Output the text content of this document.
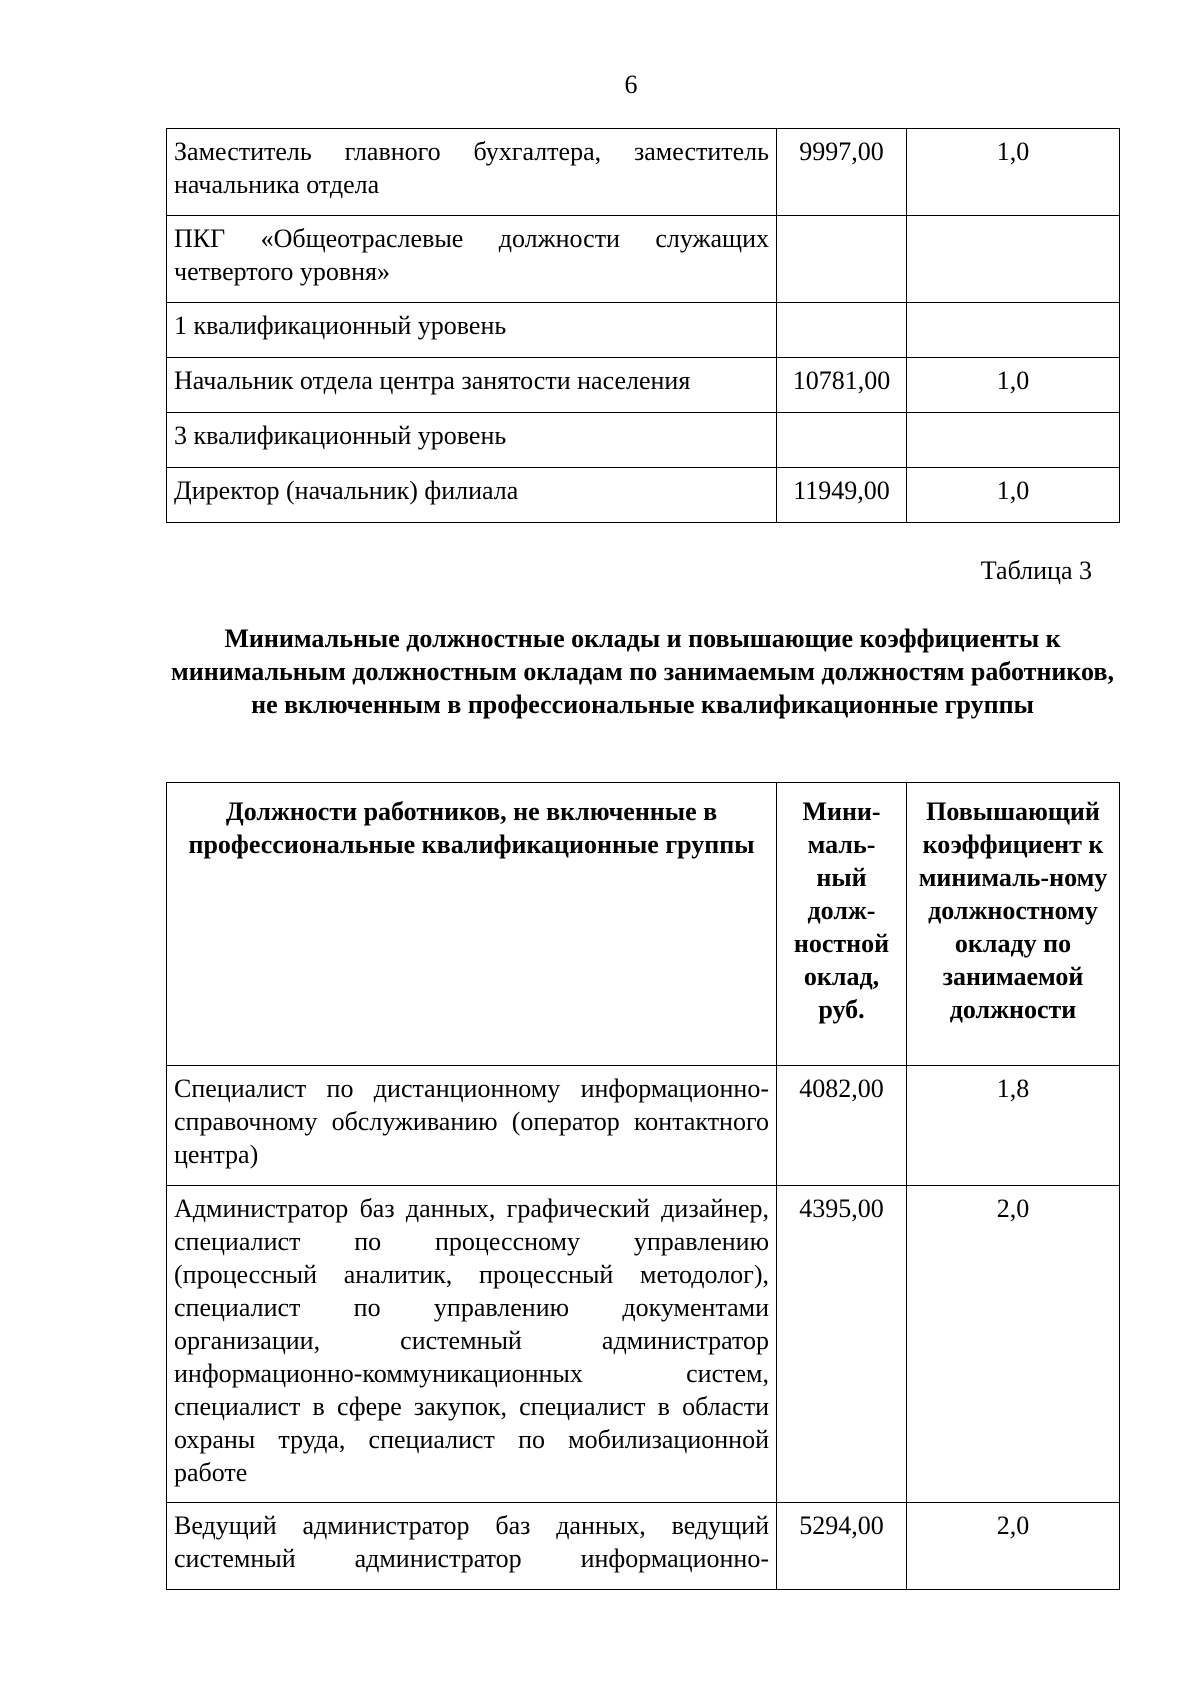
6
Заместитель главного бухгалтера, заместитель начальника отдела	9997,00	1,0
ПКГ «Общеотраслевые должности служащих четвертого уровня»		
1 квалификационный уровень		
Начальник отдела центра занятости населения	10781,00	1,0
3 квалификационный уровень		
Директор (начальник) филиала	11949,00	1,0
Таблица 3
Минимальные должностные оклады и повышающие коэффициенты к минимальным должностным окладам по занимаемым должностям работников, не включенным в профессиональные квалификационные группы
Должности работников, не включенные в профессиональные квалификационные группы	Мини-маль-ный долж-ностной оклад, руб.	Повышающий коэффициент к минималь-ному должностному окладу по занимаемой должности
Специалист по дистанционному информационно-справочному обслуживанию (оператор контактного центра)	4082,00	1,8
Администратор баз данных, графический дизайнер, специалист по процессному управлению (процессный аналитик, процессный методолог), специалист по управлению документами организации, системный администратор информационно-коммуникационных систем, специалист в сфере закупок, специалист в области охраны труда, специалист по мобилизационной работе	4395,00	2,0
Ведущий администратор баз данных, ведущий системный администратор информационно-	5294,00	2,0
